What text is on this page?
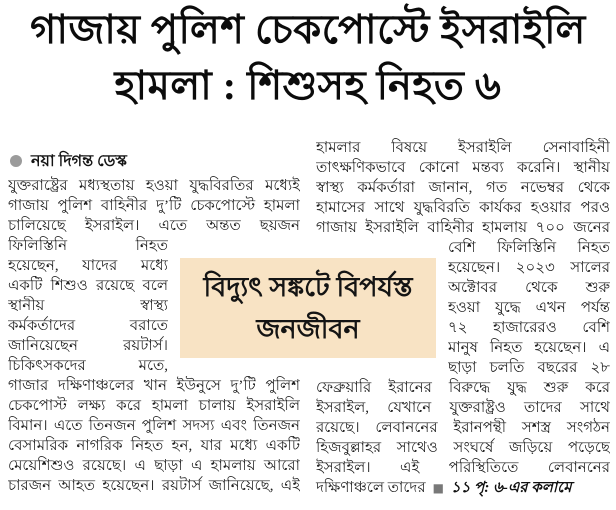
গাজায় পুলিশ চেকপোস্টে ইসরাইলি
হামলা : শিশুসহ নিহত ৬
নয়া দিগন্ত ডেস্ক
যুক্তরাষ্ট্রের মধ্যস্থতায় হওয়া যুদ্ধবিরতির মধ্যেই
গাজায় পুলিশ বাহিনীর দু’টি চেকপোস্টে হামলা
চালিয়েছে ইসরাইল। এতে অন্তত ছয়জন
ফিলিস্তিনি নিহত
হয়েছেন, যাদের মধ্যে
একটি শিশুও রয়েছে বলে
স্থানীয় স্বাস্থ্য
কর্মকর্তাদের বরাতে
জানিয়েছেন রয়টার্স।
চিকিৎসকদের মতে,
গাজার দক্ষিণাঞ্চলের খান ইউনুসে দু’টি পুলিশ
চেকপোস্ট লক্ষ্য করে হামলা চালায় ইসরাইলি
বিমান। এতে তিনজন পুলিশ সদস্য এবং তিনজন
বেসামরিক নাগরিক নিহত হন, যার মধ্যে একটি
মেয়েশিশুও রয়েছে। এ ছাড়া এ হামলায় আরো
চারজন আহত হয়েছেন। রয়টার্স জানিয়েছে, এই
বিদ্যুৎ সঙ্কটে বিপর্যস্ত
জনজীবন
হামলার বিষয়ে ইসরাইলি সেনাবাহিনী
তাৎক্ষণিকভাবে কোনো মন্তব্য করেনি। স্থানীয়
স্বাস্থ্য কর্মকর্তারা জানান, গত নভেম্বর থেকে
হামাসের সাথে যুদ্ধবিরতি কার্যকর হওয়ার পরও
গাজায় ইসরাইলি বাহিনীর হামলায় ৭০০ জনের
বেশি ফিলিস্তিনি নিহত
হয়েছেন। ২০২৩ সালের
অক্টোবর থেকে শুরু
হওয়া যুদ্ধে এখন পর্যন্ত
৭২ হাজারেরও বেশি
মানুষ নিহত হয়েছেন। এ
ছাড়া চলতি বছরের ২৮
ফেব্রুয়ারি ইরানের বিরুদ্ধে যুদ্ধ শুরু করে
ইসরাইল, যেখানে যুক্তরাষ্ট্রও তাদের সাথে
রয়েছে। লেবাননের ইরানপন্থী সশস্ত্র সংগঠন
হিজবুল্লাহর সাথেও সংঘর্ষে জড়িয়ে পড়েছে
ইসরাইল। এই পরিস্থিতিতে লেবাননের
দক্ষিণাঞ্চলে তাদের ■ ১১ পৃ: ৬-এর কলামে
